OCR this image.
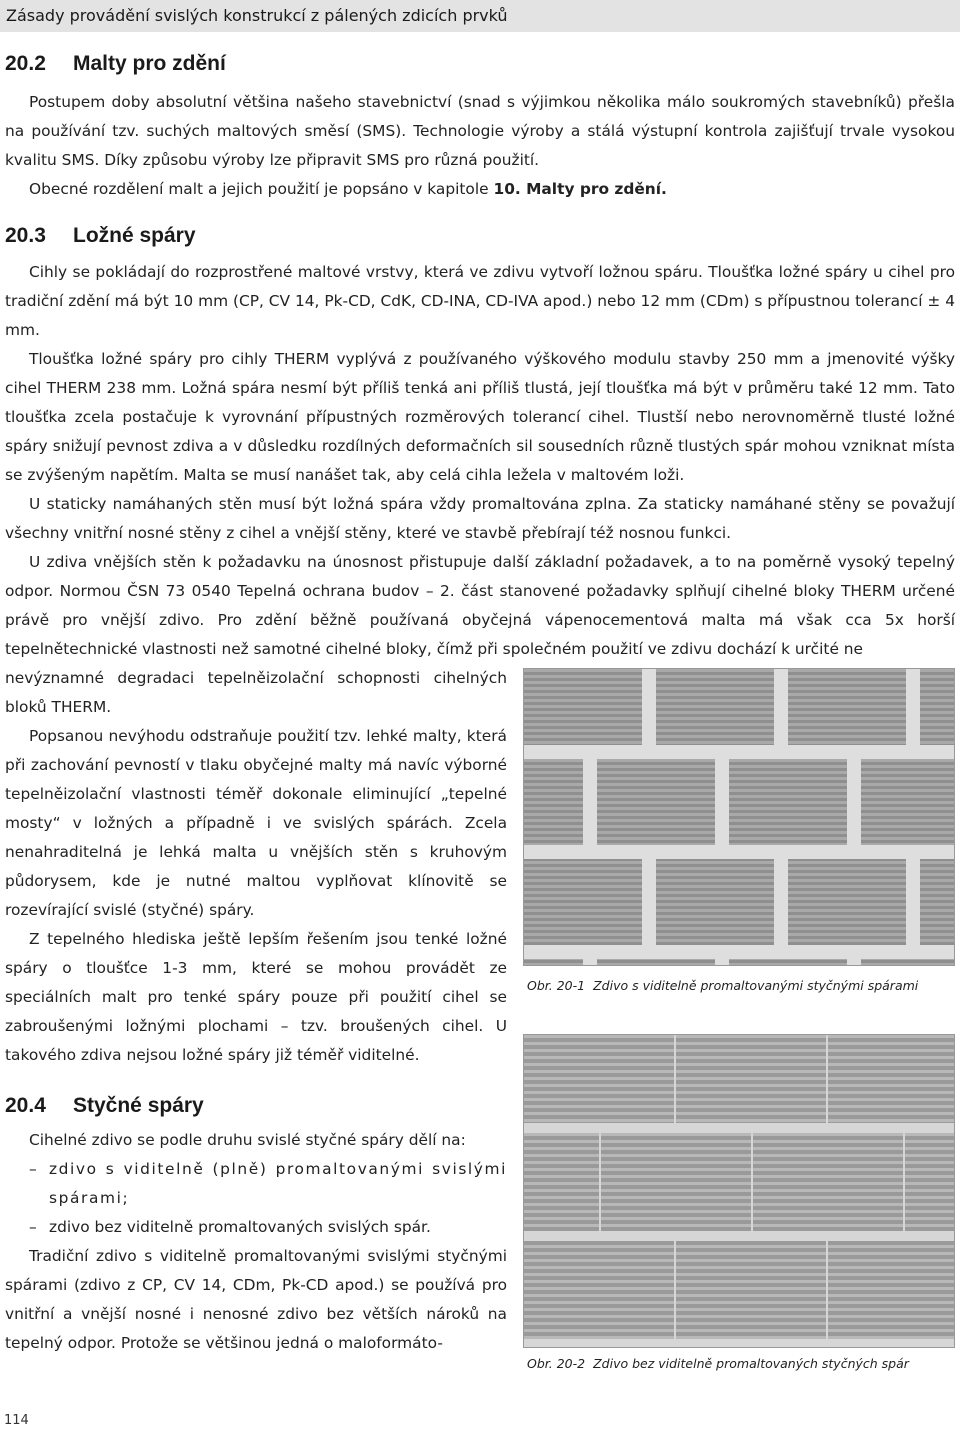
Zásady provádění svislých konstrukcí z pálených zdicích prvků
20.2 Malty pro zdění

Postupem doby absolutní většina našeho stavebnictví (snad s výjimkou několika málo soukromých stavebníků) přešla na používání tzv. suchých maltových směsí (SMS). Technologie výroby a stálá výstupní kontrola zajišťují trvale vysokou kvalitu SMS. Díky způsobu výroby lze připravit SMS pro různá použití.

Obecné rozdělení malt a jejich použití je popsáno v kapitole 10. Malty pro zdění.

20.3 Ložné spáry

Cihly se pokládají do rozprostřené maltové vrstvy, která ve zdivu vytvoří ložnou spáru. Tloušťka ložné spáry u cihel pro tradiční zdění má být 10 mm (CP, CV 14, Pk-CD, CdK, CD-INA, CD-IVA apod.) nebo 12 mm (CDm) s přípustnou tolerancí ± 4 mm.

Tloušťka ložné spáry pro cihly THERM vyplývá z používaného výškového modulu stavby 250 mm a jmenovité výšky cihel THERM 238 mm. Ložná spára nesmí být příliš tenká ani příliš tlustá, její tloušťka má být v průměru také 12 mm. Tato tloušťka zcela postačuje k vyrovnání přípustných rozměrových tolerancí cihel. Tlustší nebo nerovnoměrně tlusté ložné spáry snižují pevnost zdiva a v důsledku rozdílných deformačních sil sousedních různě tlustých spár mohou vzniknat místa se zvýšeným napětím. Malta se musí nanášet tak, aby celá cihla ležela v maltovém loži.

U staticky namáhaných stěn musí být ložná spára vždy promaltována zplna. Za staticky namáhané stěny se považují všechny vnitřní nosné stěny z cihel a vnější stěny, které ve stavbě přebírají též nosnou funkci.

U zdiva vnějších stěn k požadavku na únosnost přistupuje další základní požadavek, a to na poměrně vysoký tepelný odpor. Normou ČSN 73 0540 Tepelná ochrana budov – 2. část stanovené požadavky splňují cihelné bloky THERM určené právě pro vnější zdivo. Pro zdění běžně používaná obyčejná vápenocementová malta má však cca 5x horší tepelnětechnické vlastnosti než samotné cihelné bloky, čímž při společném použití ve zdivu dochází k určité ne

nevýznamné degradaci tepelněizolační schopnosti cihelných bloků THERM.

Popsanou nevýhodu odstraňuje použití tzv. lehké malty, která při zachování pevností v tlaku obyčejné malty má navíc výborné tepelněizolační vlastnosti téměř dokonale eliminující „tepelné mosty“ v ložných a případně i ve svislých spárách. Zcela nenahraditelná je lehká malta u vnějších stěn s kruhovým půdorysem, kde je nutné maltou vyplňovat klínovitě se rozevírající svislé (styčné) spáry.

Z tepelného hlediska ještě lepším řešením jsou tenké ložné spáry o tloušťce 1-3 mm, které se mohou provádět ze speciálních malt pro tenké spáry pouze při použití cihel se zabroušenými ložnými plochami – tzv. broušených cihel. U takového zdiva nejsou ložné spáry již téměř viditelné.

20.4 Styčné spáry

Cihelné zdivo se podle druhu svislé styčné spáry dělí na:

– zdivo s viditelně (plně) promaltovanými svislými spárami;

– zdivo bez viditelně promaltovaných svislých spár.

Tradiční zdivo s viditelně promaltovanými svislými styčnými spárami (zdivo z CP, CV 14, CDm, Pk-CD apod.) se používá pro vnitřní a vnější nosné i nenosné zdivo bez větších nároků na tepelný odpor. Protože se většinou jedná o maloformáto-

Obr. 20-1 Zdivo s viditelně promaltovanými styčnými spárami
Obr. 20-2 Zdivo bez viditelně promaltovaných styčných spár
114
